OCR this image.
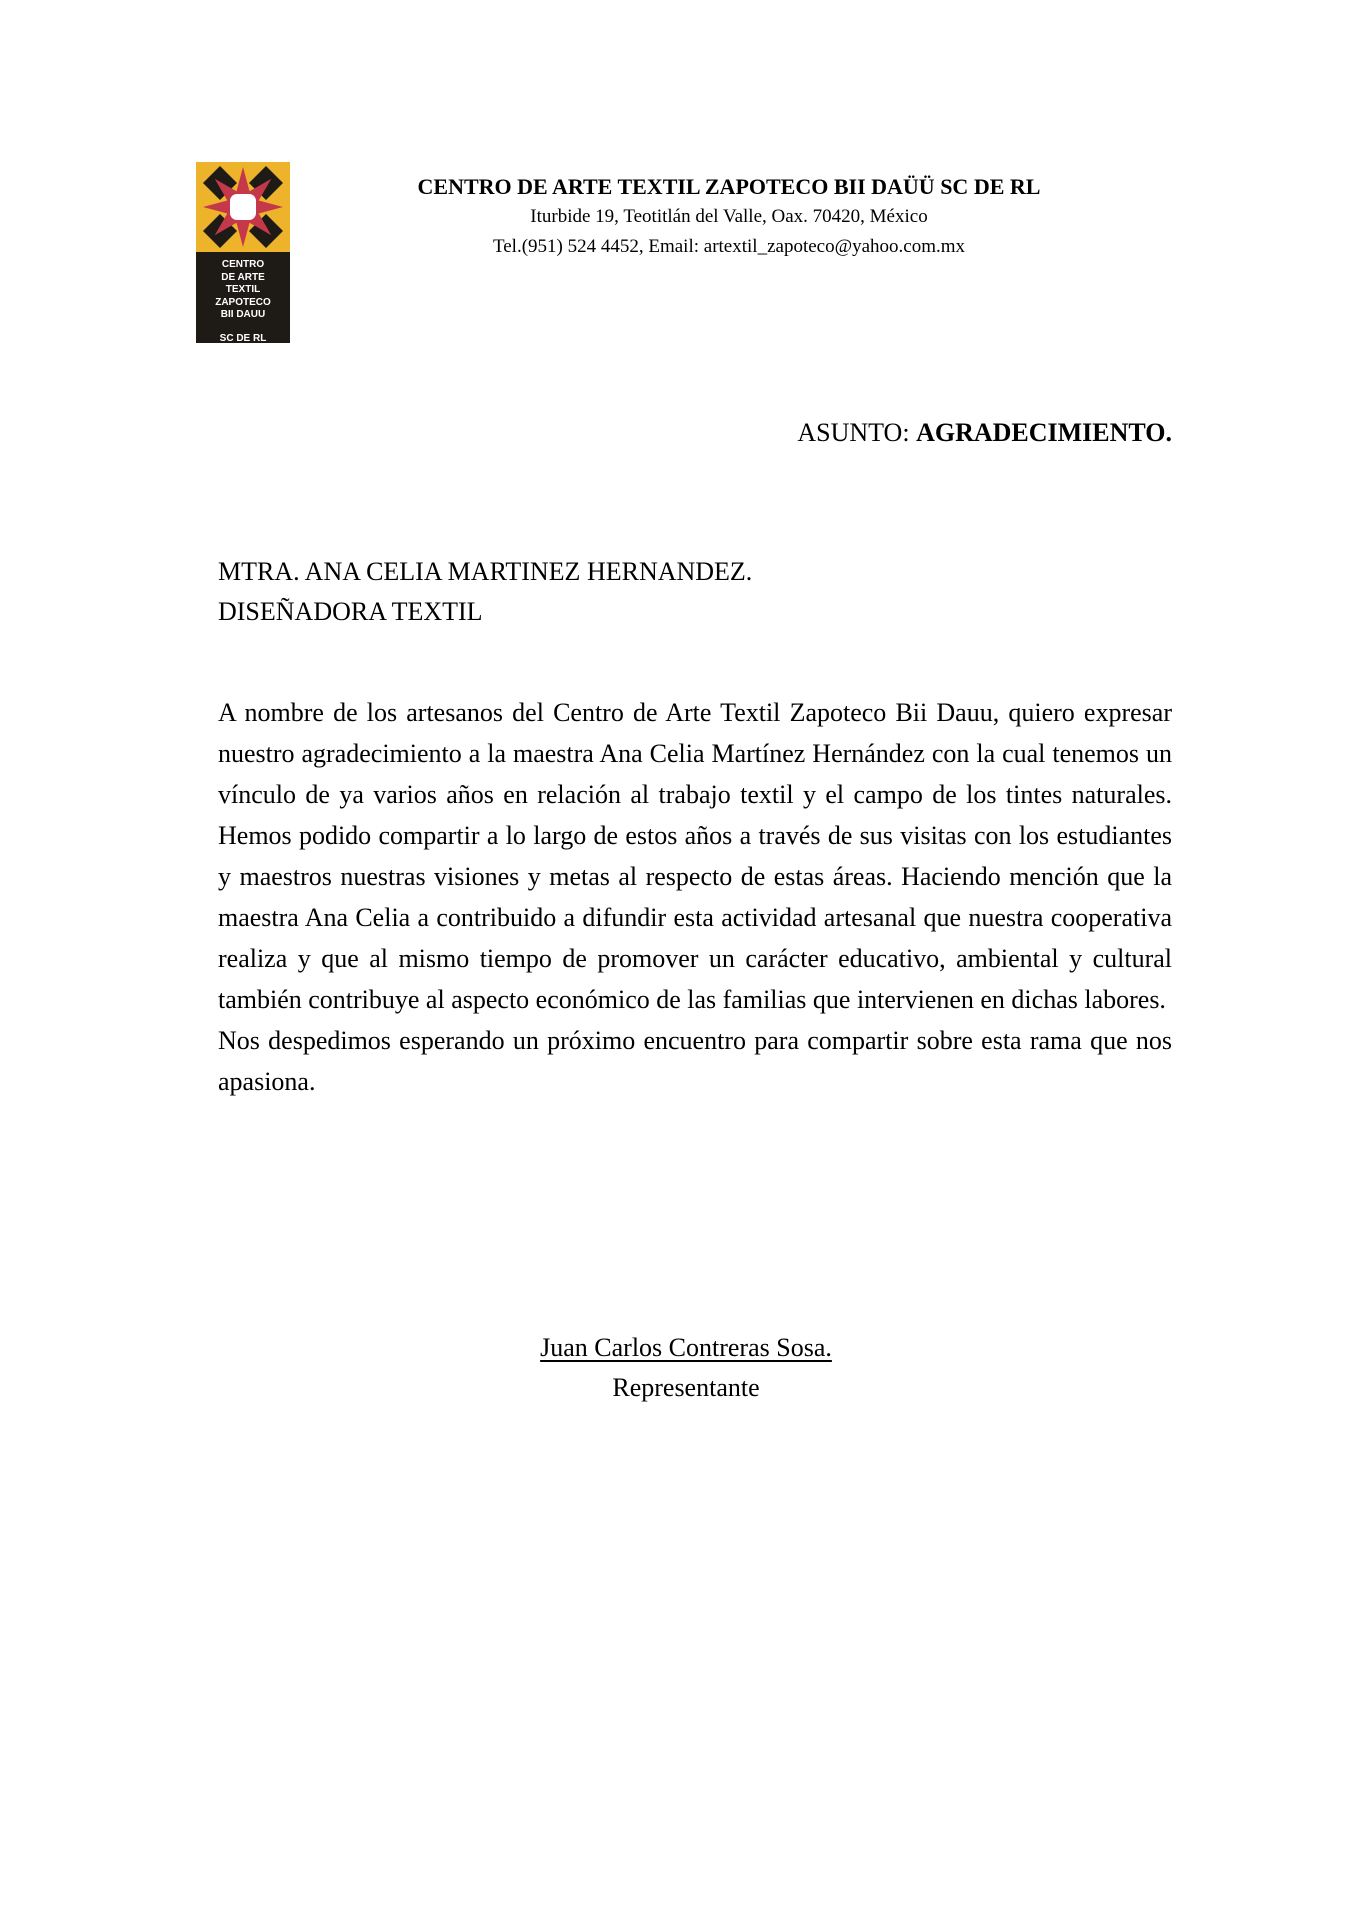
CENTRO
DE ARTE
TEXTIL
ZAPOTECO
BII DAUU
SC DE RL
CENTRO DE ARTE TEXTIL ZAPOTECO BII DAÜÜ SC DE RL
Iturbide 19, Teotitlán del Valle, Oax. 70420, México
Tel.(951) 524 4452, Email: artextil_zapoteco@yahoo.com.mx
ASUNTO: AGRADECIMIENTO.
MTRA. ANA CELIA MARTINEZ HERNANDEZ.
DISEÑADORA TEXTIL

A nombre de los artesanos del Centro de Arte Textil Zapoteco Bii Dauu, quiero expresar nuestro agradecimiento a la maestra Ana Celia Martínez Hernández con la cual tenemos un vínculo de ya varios años en relación al trabajo textil y el campo de los tintes naturales. Hemos podido compartir a lo largo de estos años a través de sus visitas con los estudiantes y maestros nuestras visiones y metas al respecto de estas áreas. Haciendo mención que la maestra Ana Celia a contribuido a difundir esta actividad artesanal que nuestra cooperativa realiza y que al mismo tiempo de promover un carácter educativo, ambiental y cultural también contribuye al aspecto económico de las familias que intervienen en dichas labores.

Nos despedimos esperando un próximo encuentro para compartir sobre esta rama que nos apasiona.

Juan Carlos Contreras Sosa.
Representante
